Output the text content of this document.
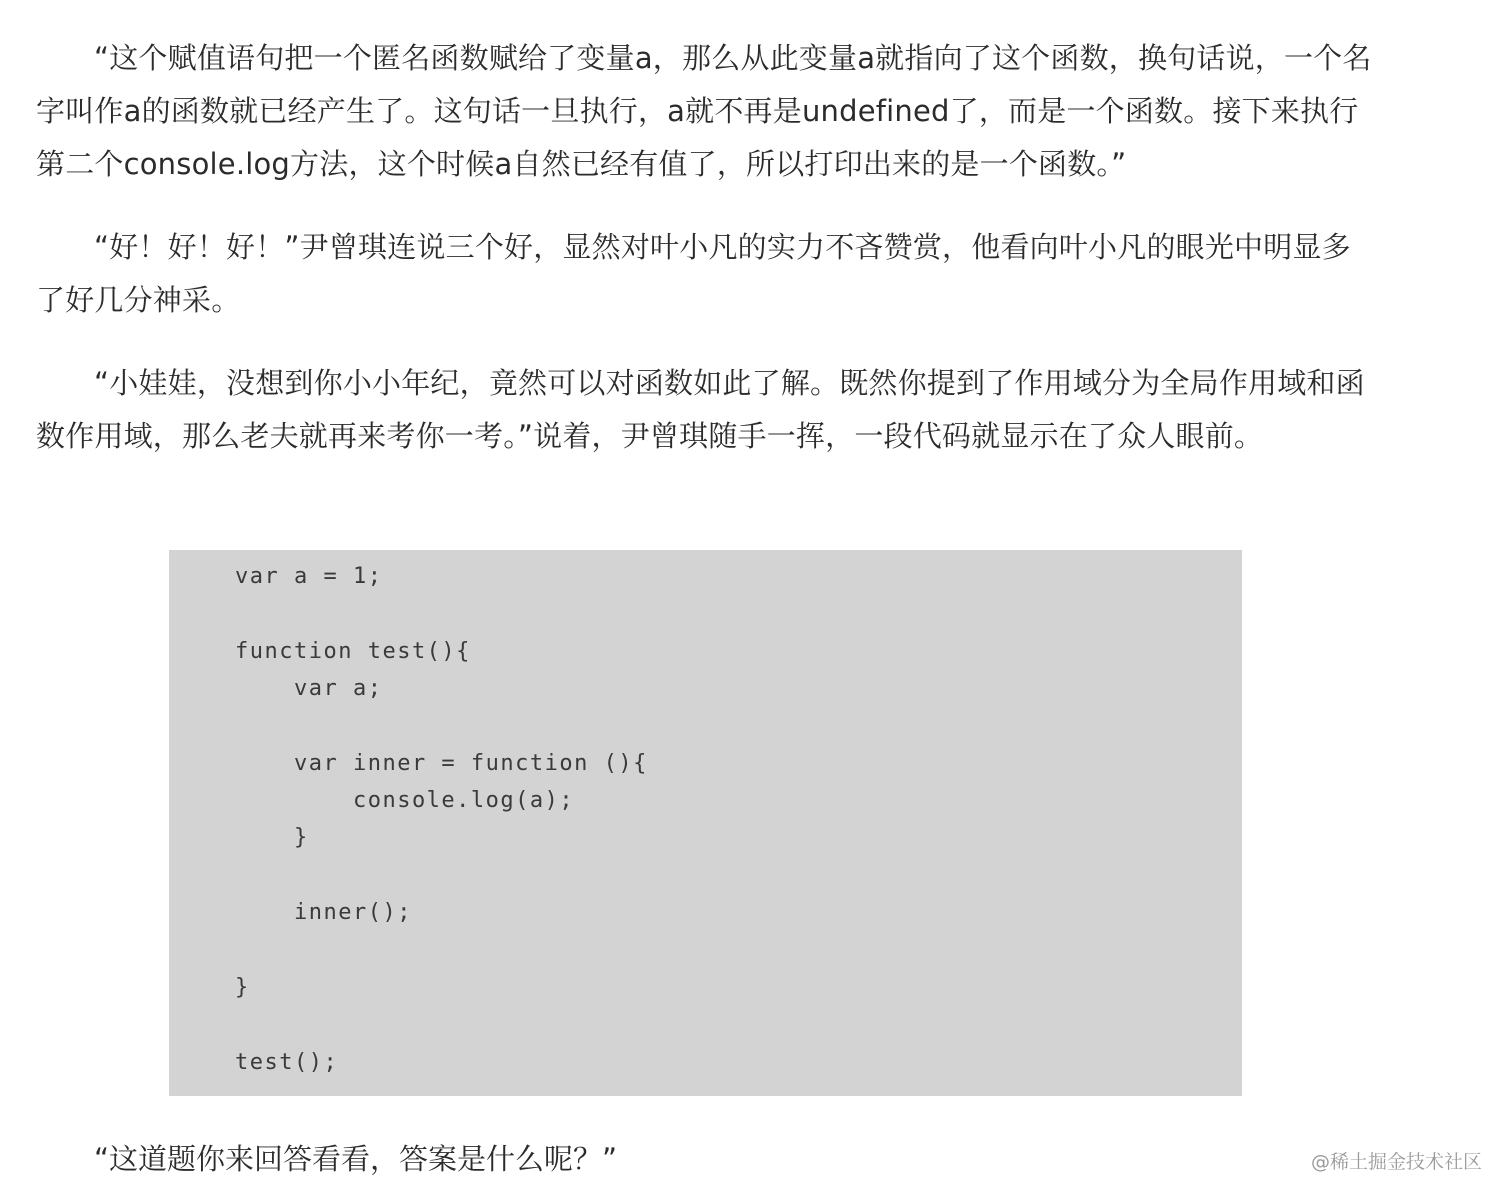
“这个赋值语句把一个匿名函数赋给了变量a，那么从此变量a就指向了这个函数，换句话说，一个名字叫作a的函数就已经产生了。这句话一旦执行，a就不再是undefined了，而是一个函数。接下来执行第二个console.log方法，这个时候a自然已经有值了，所以打印出来的是一个函数。”

“好！好！好！”尹曾琪连说三个好，显然对叶小凡的实力不吝赞赏，他看向叶小凡的眼光中明显多了好几分神采。

“小娃娃，没想到你小小年纪，竟然可以对函数如此了解。既然你提到了作用域分为全局作用域和函数作用域，那么老夫就再来考你一考。”说着，尹曾琪随手一挥，一段代码就显示在了众人眼前。

var a = 1;
function test(){
var a;
var inner = function (){
console.log(a);
}
inner();
}
test();

“这道题你来回答看看，答案是什么呢？”	@稀土掘金技术社区
